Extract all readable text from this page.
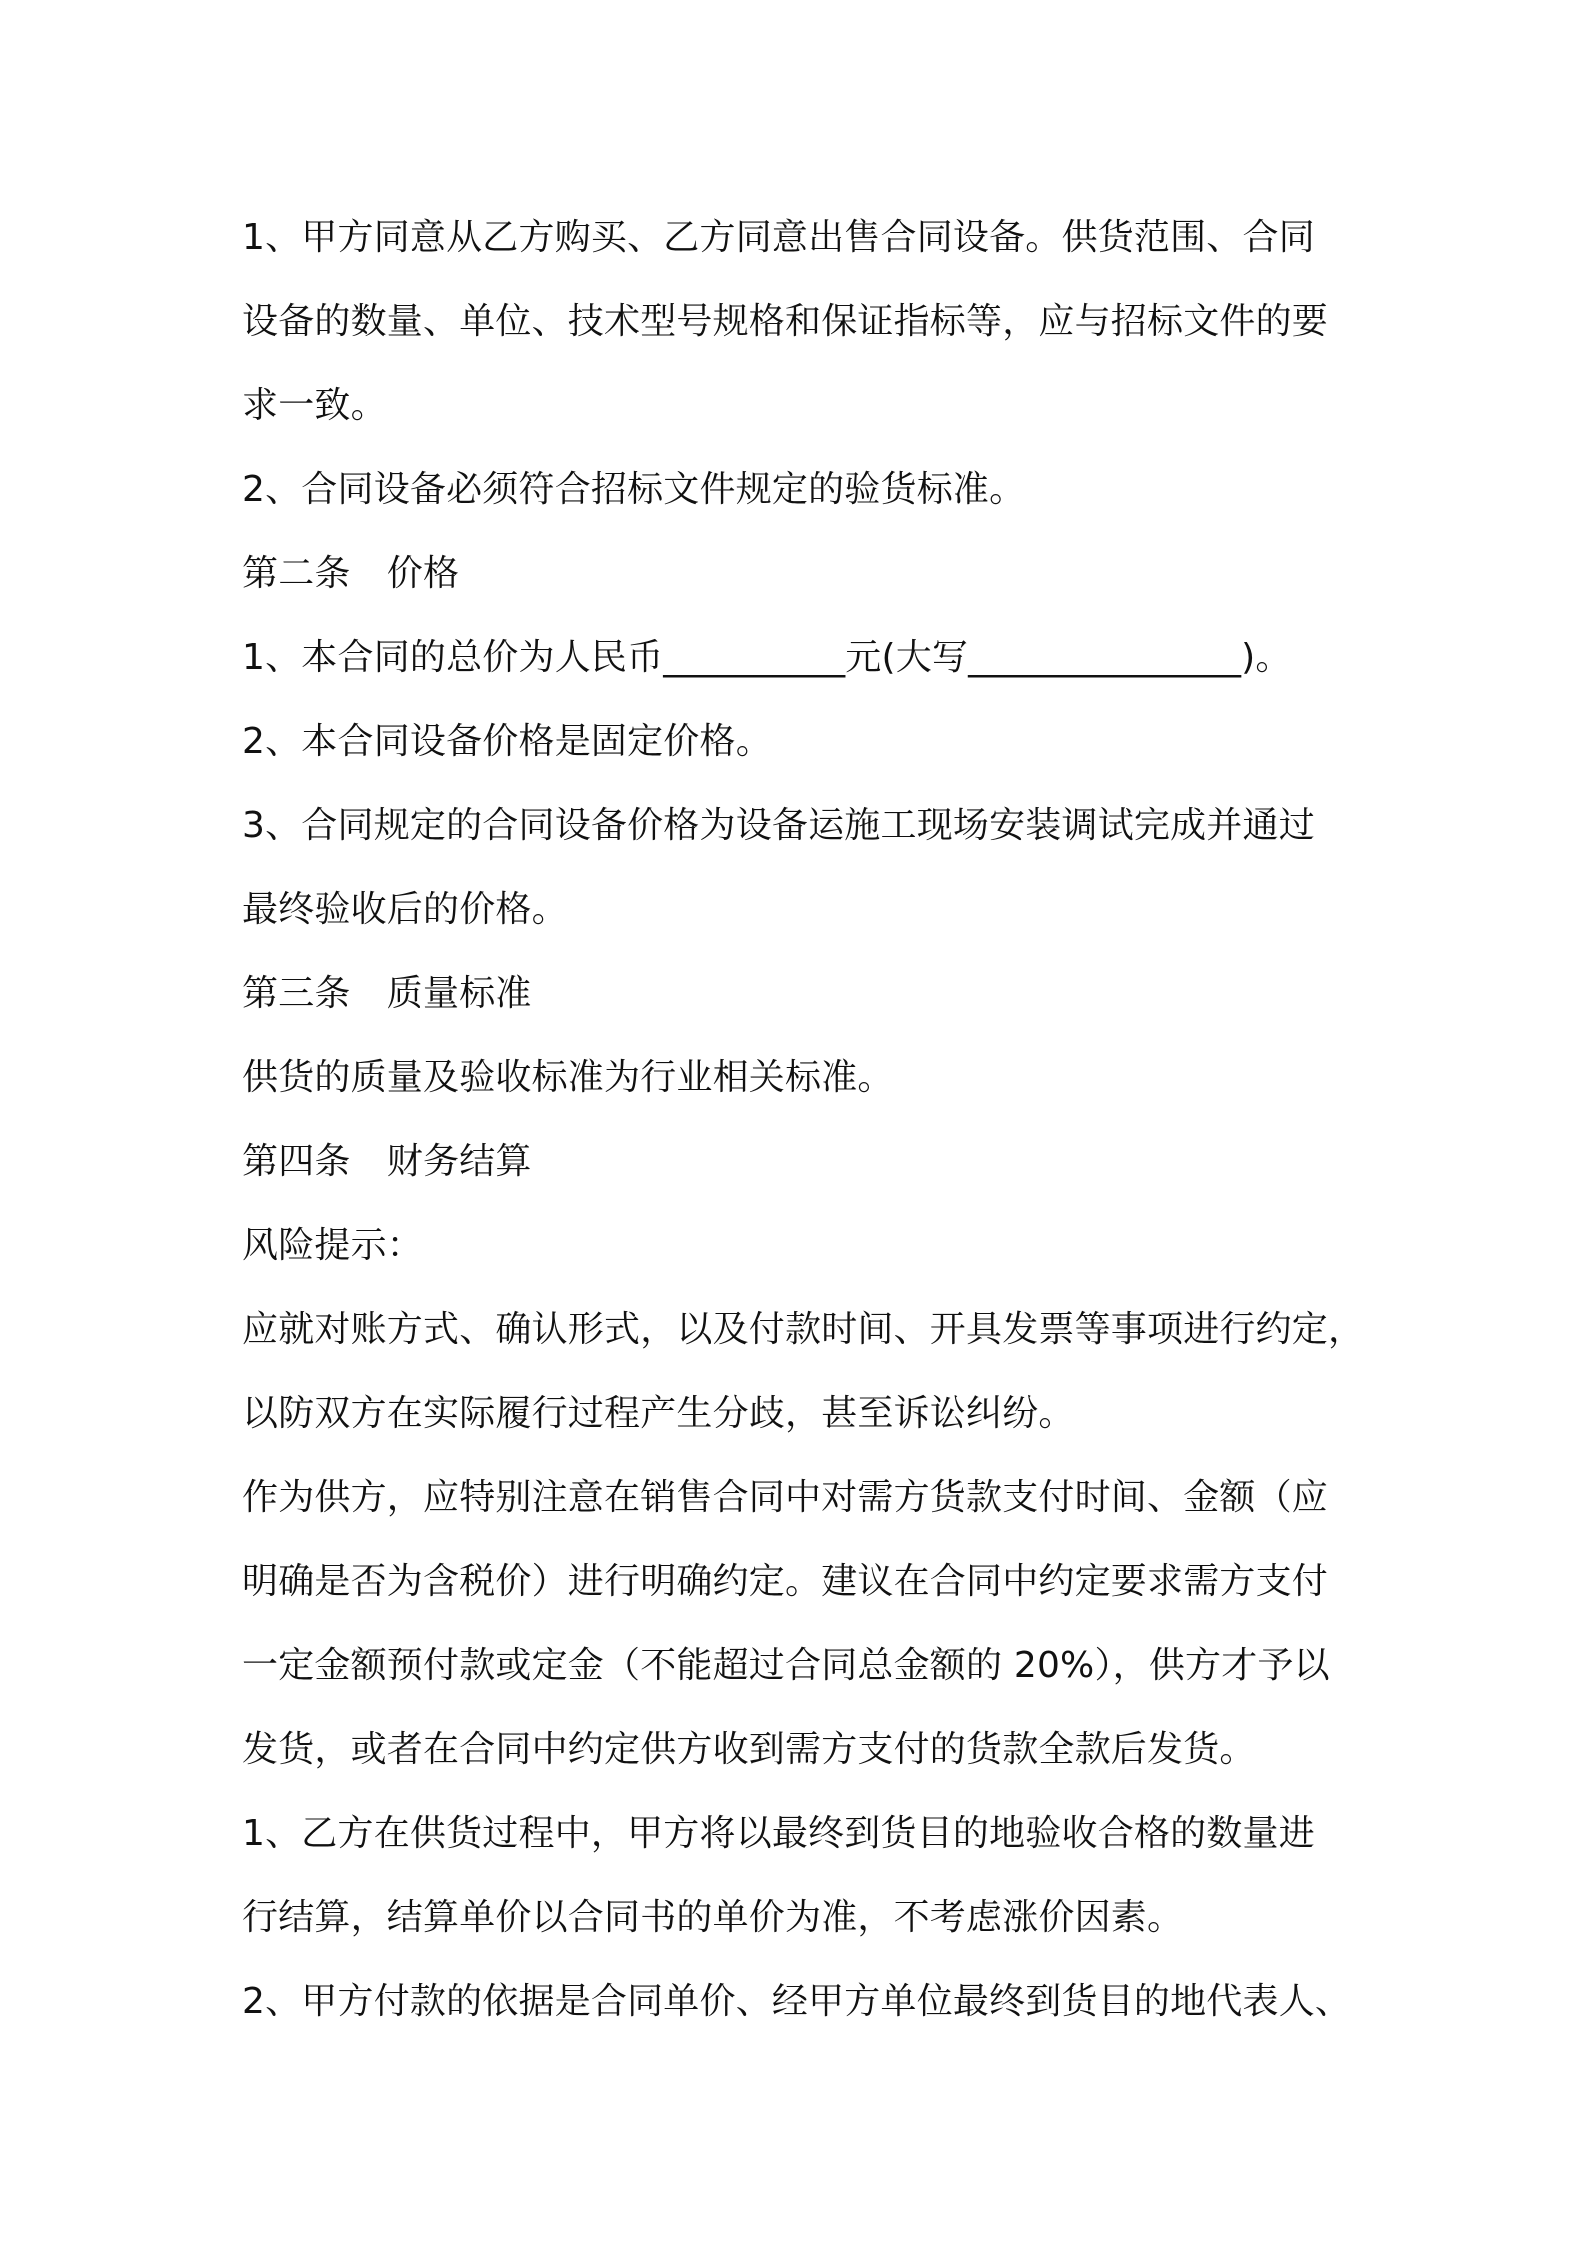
1、甲方同意从乙方购买、乙方同意出售合同设备。供货范围、合同

设备的数量、单位、技术型号规格和保证指标等，应与招标文件的要

求一致。

2、合同设备必须符合招标文件规定的验货标准。

第二条　价格

1、本合同的总价为人民币__________元(大写_______________)。

2、本合同设备价格是固定价格。

3、合同规定的合同设备价格为设备运施工现场安装调试完成并通过

最终验收后的价格。

第三条　质量标准

供货的质量及验收标准为行业相关标准。

第四条　财务结算

风险提示：

应就对账方式、确认形式，以及付款时间、开具发票等事项进行约定，

以防双方在实际履行过程产生分歧，甚至诉讼纠纷。

作为供方，应特别注意在销售合同中对需方货款支付时间、金额（应

明确是否为含税价）进行明确约定。建议在合同中约定要求需方支付

一定金额预付款或定金（不能超过合同总金额的 20%），供方才予以

发货，或者在合同中约定供方收到需方支付的货款全款后发货。

1、乙方在供货过程中，甲方将以最终到货目的地验收合格的数量进

行结算，结算单价以合同书的单价为准，不考虑涨价因素。

2、甲方付款的依据是合同单价、经甲方单位最终到货目的地代表人、
